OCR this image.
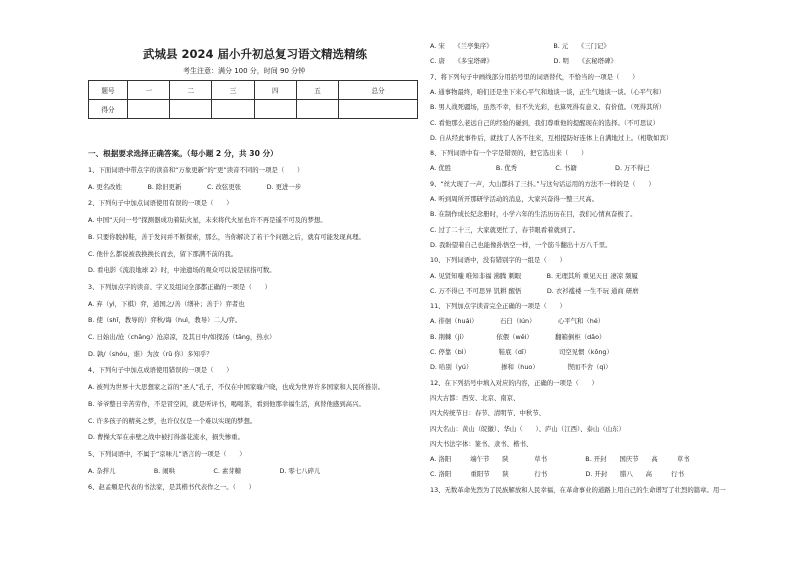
武城县 2024 届小升初总复习语文精选精练
考生注意：满分 100 分，时间 90 分钟
题号	一	二	三	四	五	总分
得分						
一、根据要求选择正确答案。（每小题 2 分，共 30 分）
1、下面词语中带点字的读音和“万象更新”的“更”读音不同的一项是（　　）
A. 更名改姓　　　　B. 除旧更新　　　　C. 改弦更张　　　　D. 更进一步
2、下列句子中加点词语使用有误的一项是（　　）
A. 中国“天问一号”探测器成功着陆火星，未来将代火星也许不再是遥不可及的梦想。
B. 只要你脱掉鞋，善于发问并不断探索，那么，当你解决了若干个问题之后，就有可能发现真理。
C. 他什么都说被我换换长而去，留下那满不前的我。
D. 看电影《流浪地球 2》时，中途遗场的观众可以说是屈指可数。
3、下列加点字的读音、字义及组词全部都正确的一项是（　　）
A. 弃（yì，下棋）弈，道国之/善（缮补；善于）弈者也
B. 使（shǐ，教导的）弈秋/诲（huì，教导）二人/弈。
C. 日始出/沧（chāng）沧凉凉，及其日中/如探汤（tāng，热水）
D. 孰/（shóu，谁）为汝（rǔ 你）多知乎？
4、下列句子中加点成语使用错误的一项是（　　）
A. 被列为世界十大思想家之首的“圣人”孔子，不仅在中国家喻户晓，也成为世界许多国家和人民所推崇。
B. 爷爷整日辛苦劳作，不是冒空闲，就是听评书，喝喝茶，看到他那幸福生活，真替他感到高兴。
C. 许多孩子的精英之梦，也许仅仅是一个难以实现的梦想。
D. 曹操大军在赤壁之战中被打得落花流水，损失惨重。
5、下列词语中，不属于“京味儿”语言的一项是（　　）
A. 杂拌儿　　　　　　B. 闹哄　　　　　　C. 素芽糖　　　　　　D. 零七八碎儿
6、赵孟頫是代表的书法家，是其楷书代表作之一。（　　）
A. 宋　　《兰亭集序》　　　　　　　　　　B. 元　　《三门记》
C. 唐　　《多宝塔碑》　　　　　　　　　　D. 明　　《玄秘塔碑》
7、将下列句子中画线部分用括号里的词语替代，不恰当的一项是（　　）
A. 通事物最终，咱们还是坐下来心平气和地谈一谈，正生气地谈一谈。（心平气和）
B. 男人战死疆场，虽然不幸，但不失光彩，也算死得有意义、有价值。（死得其所）
C. 看他那么老远自己的经验的碰到，我们尊重他的提醒现在的选择。（不可思议）
D. 自从经此事件后，就找了人各不往来，互相提防好连体上自满地过上。（相敬如宾）
8、下列词语中有一个字是错误的，把它选出来（　　）
A. 优胜　　　　　　　B. 优秀　　　　　　C. 书籍　　　　　　D. 万不得已
9、“丝大现了一声，大山都抖了三抖。”与这句话运用的方法不一样的是（　　）
A. 听到周所开那研学活动的消息，大家兴奋得一整三尺高。
B. 在制作成长纪念册时，小学六年的生活历历在目，我们心情真奋极了。
C. 过了二十三，大家就更忙了，春节眼看着就到了。
D. 我盼望着自己也能像孙悟空一样，一个筋斗翻出十万八千里。
10、下列词语中，没有错别字的一组是（　　）
A. 见贤知嗤 唯知非福 沸腾 刺眼　　　　B. 无理其所 重见天日 凄凉 频履
C. 万不得已 不可思异 饥耕 醒悟　　　　D. 衣衫褴褛 一生不玩 通商 研磨
11、下列加点字读音完全正确的一项是（　　）
A. 徘徊（huái）　　　　石臼（lún）　　　　心平气和（hé）
B. 荆棘（jí）　　　　　依偎（wěi）　　　　翻箱倒柜（dǎo）
C. 停靠（bì）　　　　　鞋底（dī）　　　　　司空见惯（kōng）
D. 哈别（yú）　　　　　掺和（huo）　　　　　锲而不舍（qì）
12、在下列括号中填入对应的内容，正确的一项是（　　）
四大古都：西安、北京、南京、
四大传统节日：春节、清明节、中秋节、
四大名山：黄山（皖徽）、华山（　　）、庐山（江西）、泰山（山东）
四大书法字体：篆书、隶书、楷书、
A. 洛阳　　　端午节　　陕　　　　草书　　　　　　B. 开封　　国庆节　　高　　　草书
C. 洛阳　　　重阳节　　陕　　　　行书　　　　　　D. 开封　　腊八　　高　　　行书
13、无数革命先烈为了民族解放和人民幸福，在革命事业的道路上用自己的生命谱写了壮烈的篇章。用一
